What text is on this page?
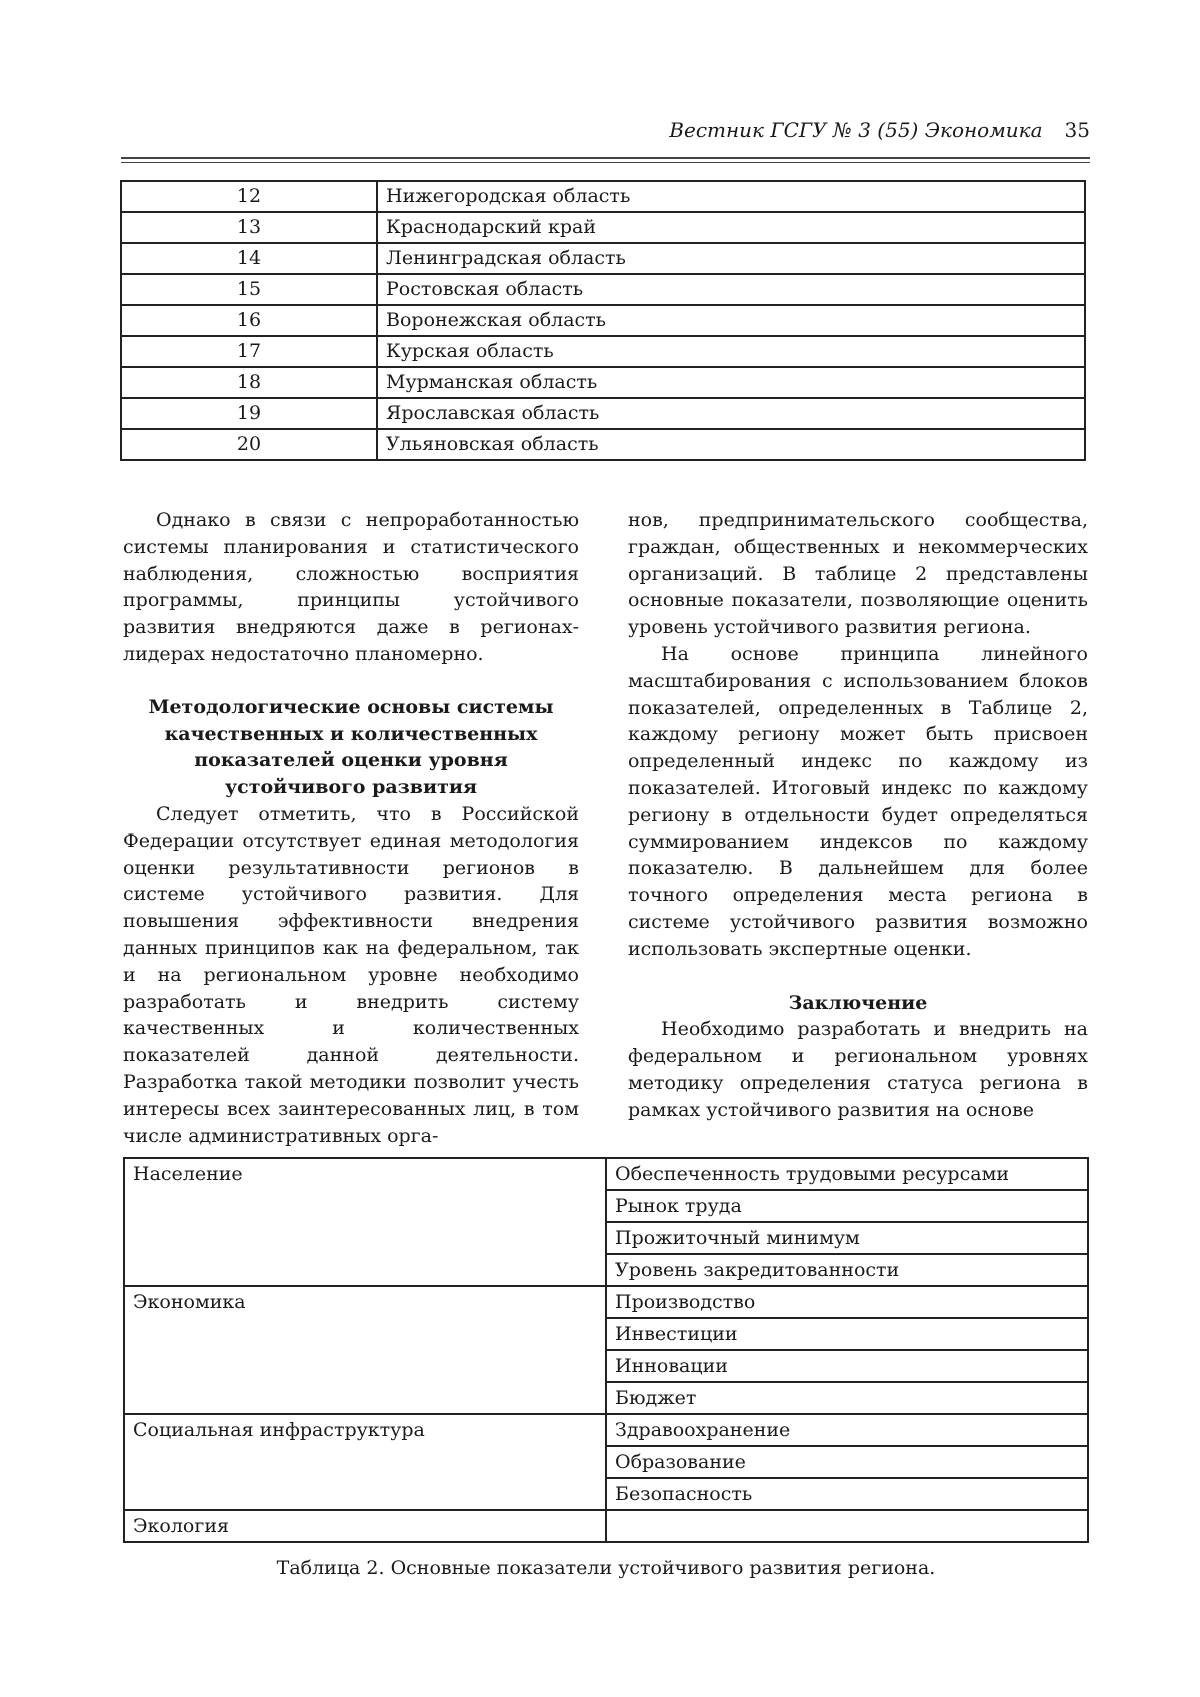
Вестник ГСГУ № 3 (55) Экономика 35
12	Нижегородская область
13	Краснодарский край
14	Ленинградская область
15	Ростовская область
16	Воронежская область
17	Курская область
18	Мурманская область
19	Ярославская область
20	Ульяновская область

Однако в связи с непроработанностью системы планирования и статистического наблюдения, сложностью восприятия программы, принципы устойчивого развития внедряются даже в регионах-лидерах недостаточно планомерно.

Методологические основы системы качественных и количественных показателей оценки уровня устойчивого развития

Следует отметить, что в Российской Федерации отсутствует единая методология оценки результативности регионов в системе устойчивого развития. Для повышения эффективности внедрения данных принципов как на федеральном, так и на региональном уровне необходимо разработать и внедрить систему качественных и количественных показателей данной деятельности. Разработка такой методики позволит учесть интересы всех заинтересованных лиц, в том числе административных орга-

нов, предпринимательского сообщества, граждан, общественных и некоммерческих организаций. В таблице 2 представлены основные показатели, позволяющие оценить уровень устойчивого развития региона.

На основе принципа линейного масштабирования с использованием блоков показателей, определенных в Таблице 2, каждому региону может быть присвоен определенный индекс по каждому из показателей. Итоговый индекс по каждому региону в отдельности будет определяться суммированием индексов по каждому показателю. В дальнейшем для более точного определения места региона в системе устойчивого развития возможно использовать экспертные оценки.

Заключение

Необходимо разработать и внедрить на федеральном и региональном уровнях методику определения статуса региона в рамках устойчивого развития на основе

Население	Обеспеченность трудовыми ресурсами
	Рынок труда
	Прожиточный минимум
	Уровень закредитованности
Экономика	Производство
	Инвестиции
	Инновации
	Бюджет
Социальная инфраструктура	Здравоохранение
	Образование
	Безопасность
Экология	
Таблица 2. Основные показатели устойчивого развития региона.
